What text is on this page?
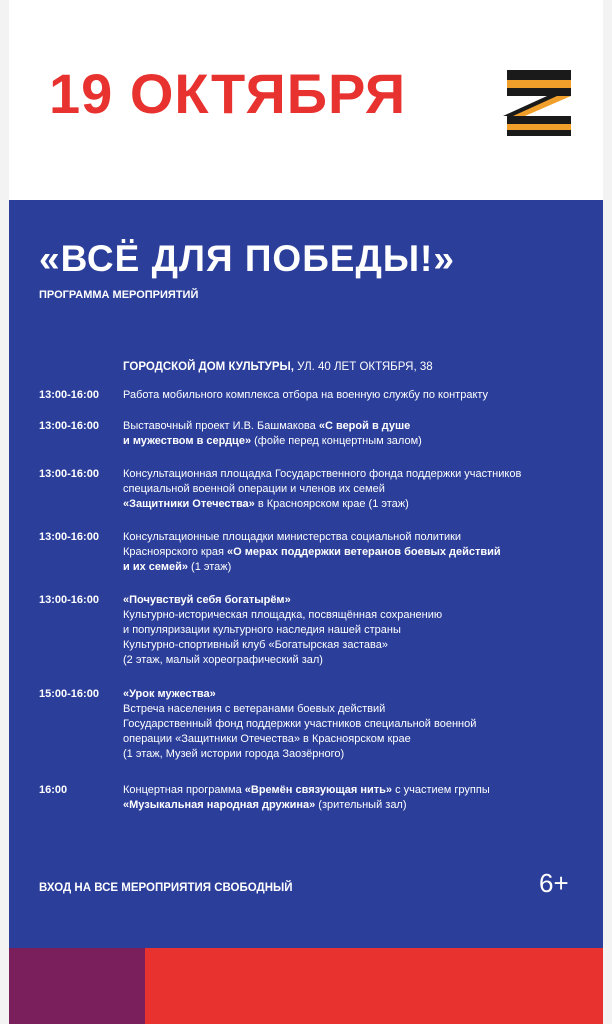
19 ОКТЯБРЯ
«ВСЁ ДЛЯ ПОБЕДЫ!»
ПРОГРАММА МЕРОПРИЯТИЙ
ГОРОДСКОЙ ДОМ КУЛЬТУРЫ, УЛ. 40 ЛЕТ ОКТЯБРЯ, 38
13:00-16:00 Работа мобильного комплекса отбора на военную службу по контракту
13:00-16:00 Выставочный проект И.В. Башмакова «С верой в душе
и мужеством в сердце» (фойе перед концертным залом)
13:00-16:00 Консультационная площадка Государственного фонда поддержки участников
специальной военной операции и членов их семей
«Защитники Отечества» в Красноярском крае (1 этаж)
13:00-16:00 Консультационные площадки министерства социальной политики
Красноярского края «О мерах поддержки ветеранов боевых действий
и их семей» (1 этаж)
13:00-16:00 «Почувствуй себя богатырём»
Культурно-историческая площадка, посвящённая сохранению
и популяризации культурного наследия нашей страны
Культурно-спортивный клуб «Богатырская застава»
(2 этаж, малый хореографический зал)
15:00-16:00 «Урок мужества»
Встреча населения с ветеранами боевых действий
Государственный фонд поддержки участников специальной военной
операции «Защитники Отечества» в Красноярском крае
(1 этаж, Музей истории города Заозёрного)
16:00	Концертная программа «Времён связующая нить» с участием группы
«Музыкальная народная дружина» (зрительный зал)
ВХОД НА ВСЕ МЕРОПРИЯТИЯ СВОБОДНЫЙ	6+
